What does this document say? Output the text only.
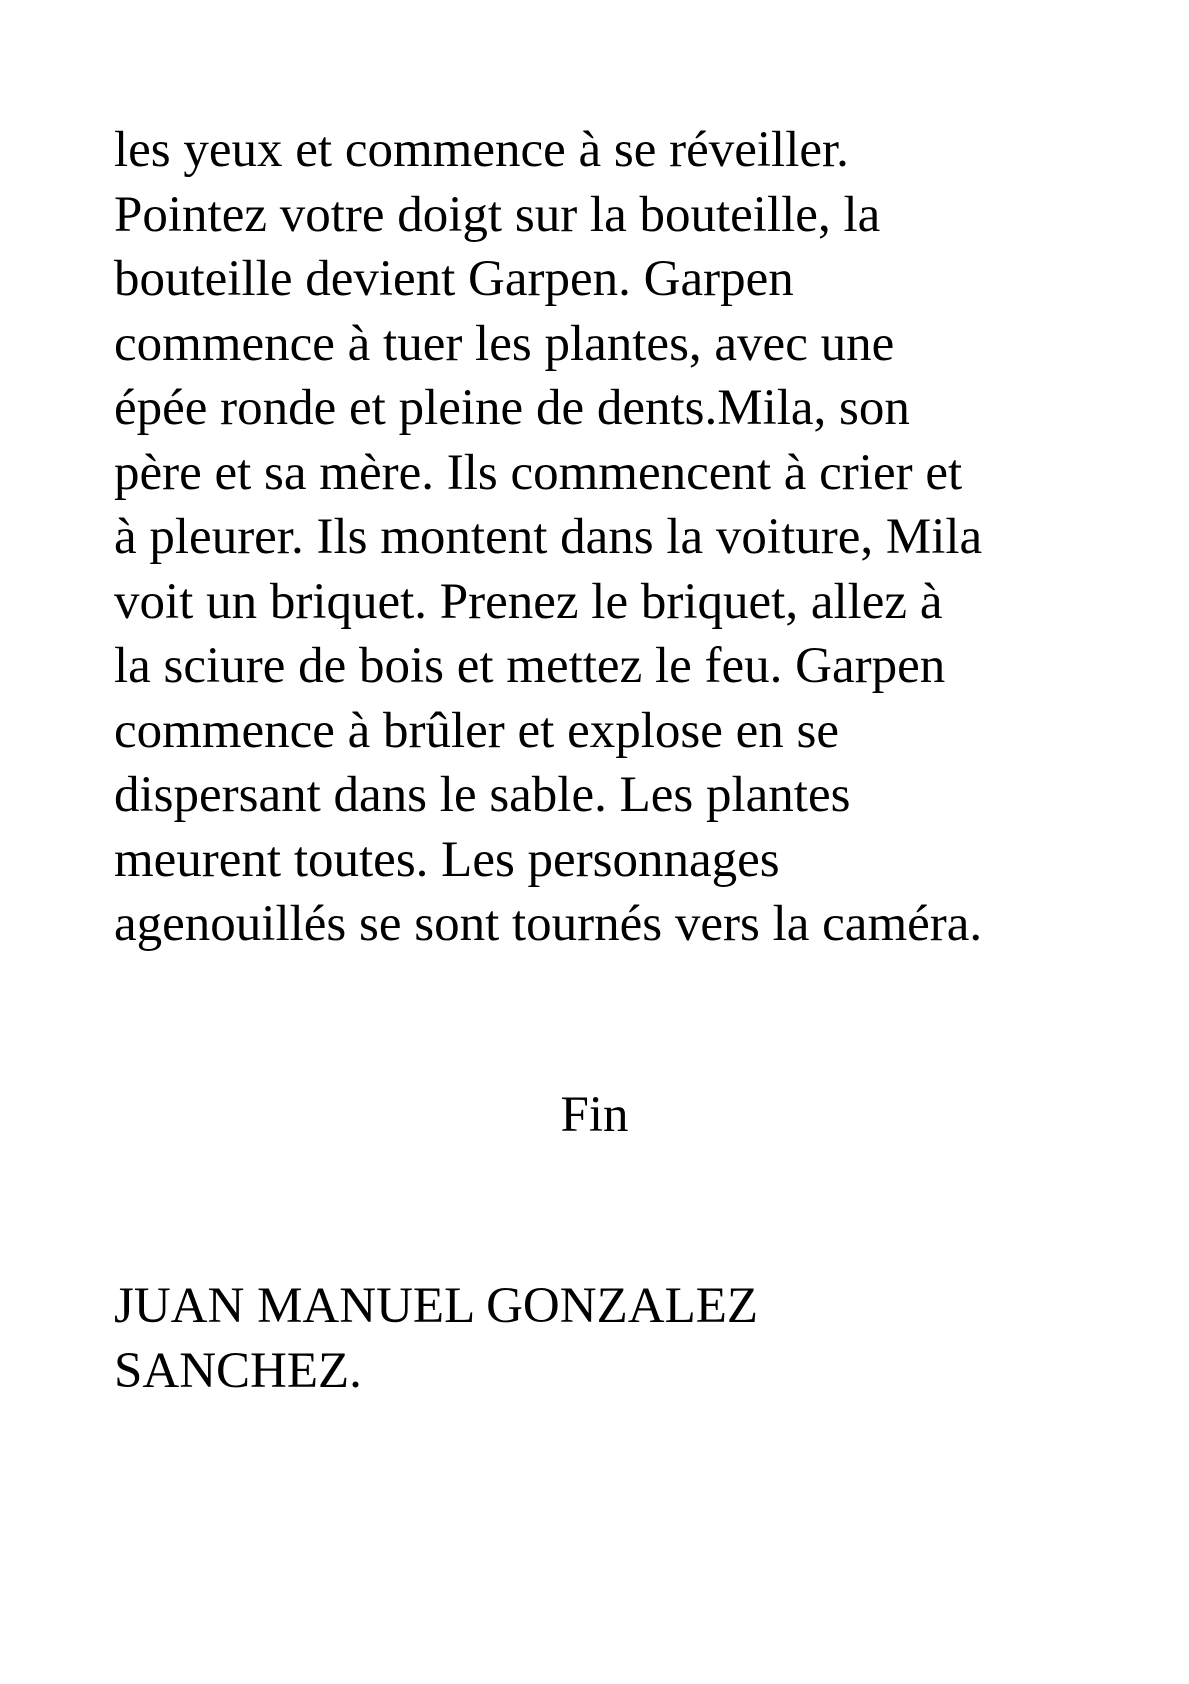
les yeux et commence à se réveiller.
Pointez votre doigt sur la bouteille, la
bouteille devient Garpen. Garpen
commence à tuer les plantes, avec une
épée ronde et pleine de dents.Mila, son
père et sa mère. Ils commencent à crier et
à pleurer. Ils montent dans la voiture, Mila
voit un briquet. Prenez le briquet, allez à
la sciure de bois et mettez le feu. Garpen
commence à brûler et explose en se
dispersant dans le sable. Les plantes
meurent toutes. Les personnages
agenouillés se sont tournés vers la caméra.

Fin

JUAN MANUEL GONZALEZ
SANCHEZ.
